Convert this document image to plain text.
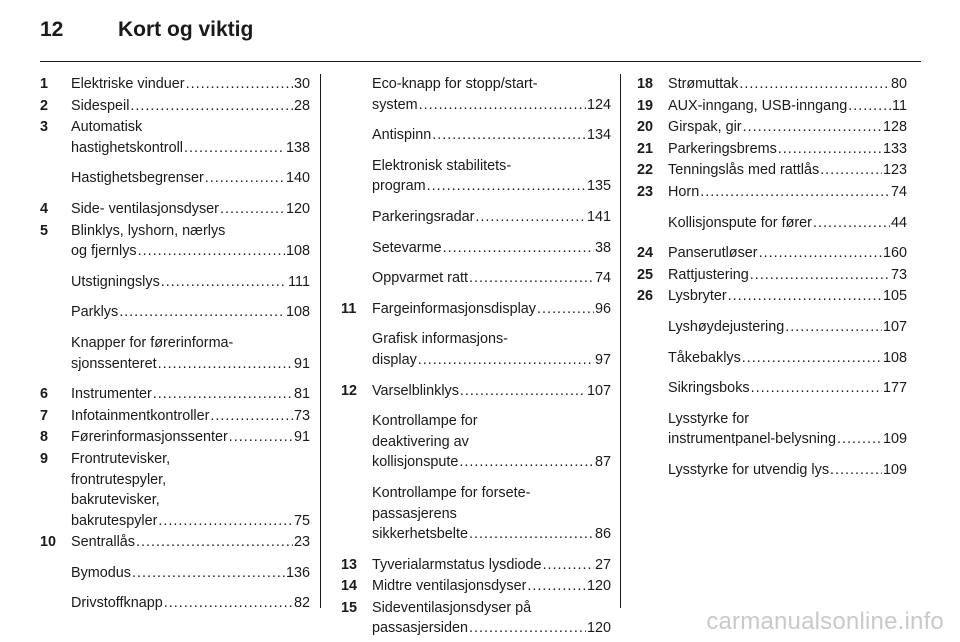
12	Kort og viktig
1 Elektriske vinduer . . .	30
2 Sidespeil . . .	28
3 Automatisk
hastighetskontroll . . .	138
Hastighetsbegrenser . . .	140
4 Side- ventilasjonsdyser . . .	120
5 Blinklys, lyshorn, nærlys
og fjernlys . . .	108
Utstigningslys . . .	111
Parklys . . .	108
Knapper for førerinforma-
sjonssenteret . . .	91
6 Instrumenter . . .	81
7 Infotainmentkontroller . . .	73
8 Førerinformasjonssenter . . .	91
9 Frontrutevisker,
frontrutespyler,
bakrutevisker,
bakrutespyler . . .	75
10 Sentrallås . . .	23
Bymodus . . .	136
Drivstoffknapp . . .	82
Eco-knapp for stopp/start-
system . . .	124
Antispinn . . .	134
Elektronisk stabilitets-
program . . .	135
Parkeringsradar . . .	141
Setevarme . . .	38
Oppvarmet ratt . . .	74
11 Fargeinformasjonsdisplay . . .	96
Grafisk informasjons-
display . . .	97
12 Varselblinklys . . .	107
Kontrollampe for
deaktivering av
kollisjonspute . . .	87
Kontrollampe for forsete-
passasjerens
sikkerhetsbelte . . .	86
13 Tyverialarmstatus lysdiode . . .	27
14 Midtre ventilasjonsdyser . . .	120
15 Sideventilasjonsdyser på
passasjersiden . . .	120
. . .
18 Strømuttak . . .	80
19 AUX-inngang, USB-inngang . . .	11
20 Girspak, gir . . .	128
21 Parkeringsbrems . . .	133
22 Tenningslås med rattlås . . .	123
23 Horn . . .	74
Kollisjonspute for fører . . .	44
24 Panserutløser . . .	160
25 Rattjustering . . .	73
26 Lysbryter . . .	105
Lyshøydejustering . . .	107
Tåkebaklys . . .	108
Sikringsboks . . .	177
Lysstyrke for
instrumentpanel-belysning . . .	109
Lysstyrke for utvendig lys . . .	109
carmanualsonline.info
